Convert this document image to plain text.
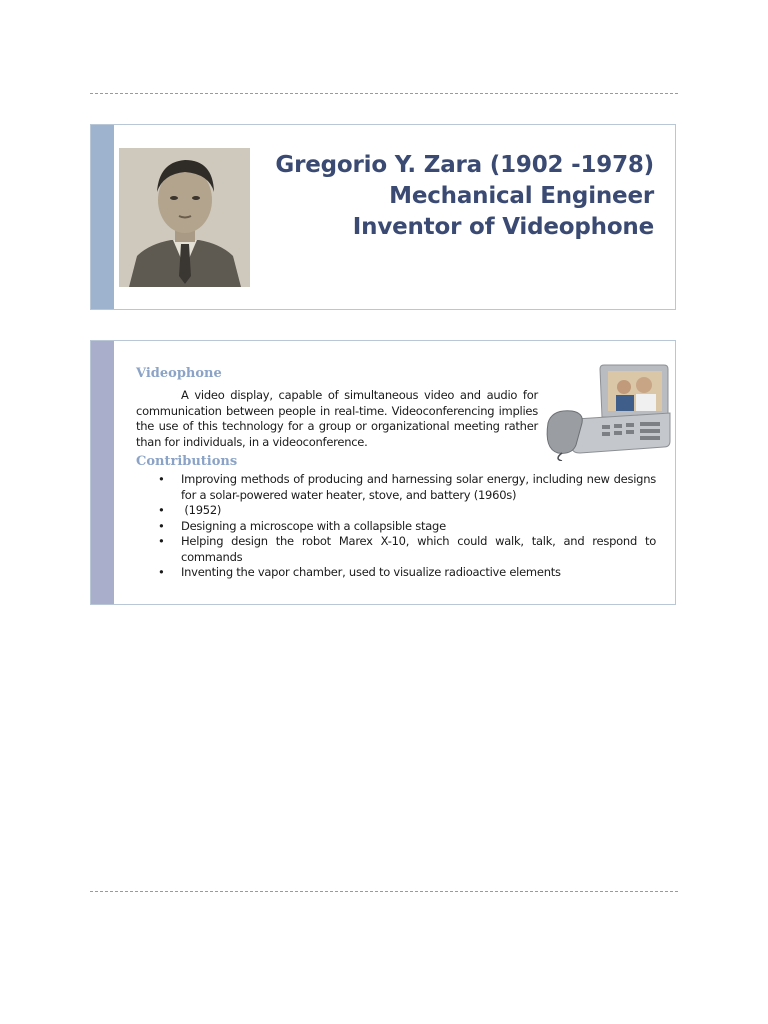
Gregorio Y. Zara (1902 -1978)
Mechanical Engineer
Inventor of Videophone
Videophone
A video display, capable of simultaneous video and audio for communication between people in real-time. Videoconferencing implies the use of this technology for a group or organizational meeting rather than for individuals, in a videoconference.
Contributions
• Improving methods of producing and harnessing solar energy, including new designs for a solar-powered water heater, stove, and battery (1960s)
• (1952)
• Designing a microscope with a collapsible stage
• Helping design the robot Marex X-10, which could walk, talk, and respond to commands
• Inventing the vapor chamber, used to visualize radioactive elements
